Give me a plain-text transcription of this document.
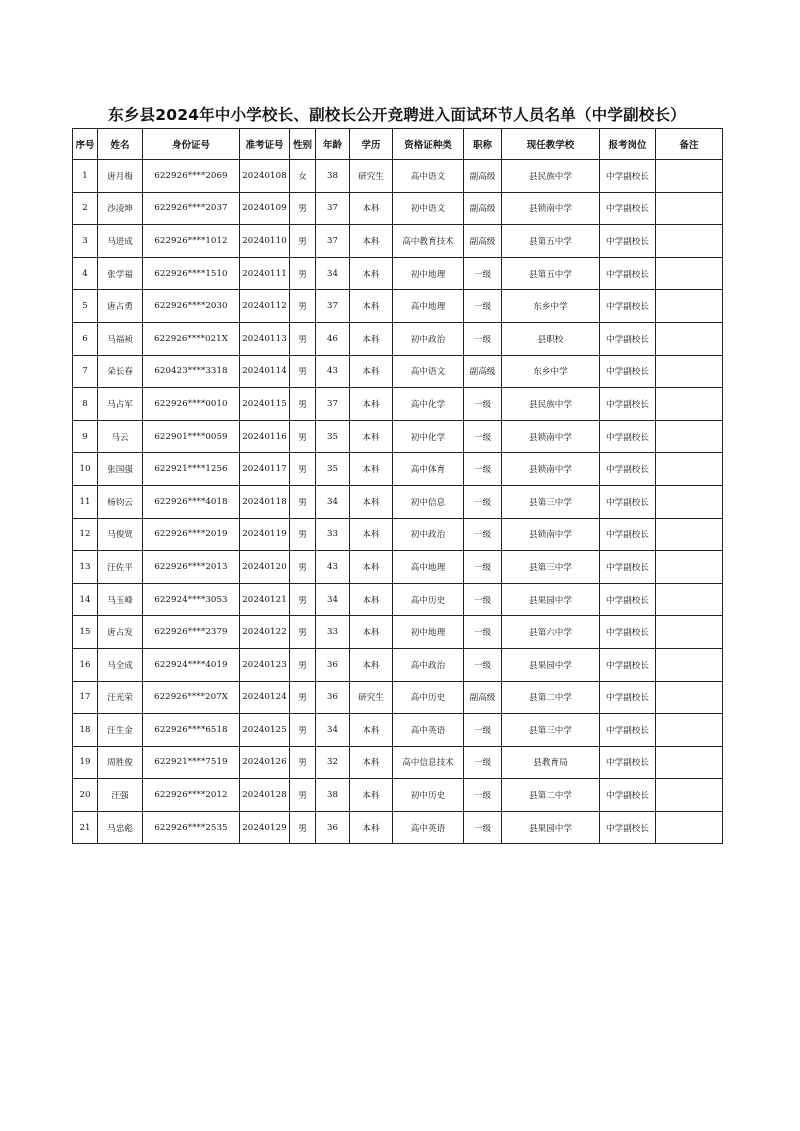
东乡县2024年中小学校长、副校长公开竞聘进入面试环节人员名单（中学副校长）
序号	姓名	身份证号	准考证号	性别	年龄	学历	资格证种类	职称	现任教学校	报考岗位	备注
1	唐月梅	622926****2069	20240108	女	38	研究生	高中语文	副高级	县民族中学	中学副校长	
2	沙凌坤	622926****2037	20240109	男	37	本科	初中语文	副高级	县锁南中学	中学副校长	
3	马进成	622926****1012	20240110	男	37	本科	高中教育技术	副高级	县第五中学	中学副校长	
4	张学福	622926****1510	20240111	男	34	本科	初中地理	一级	县第五中学	中学副校长	
5	唐占勇	622926****2030	20240112	男	37	本科	高中地理	一级	东乡中学	中学副校长	
6	马福祯	622926****021X	20240113	男	46	本科	初中政治	一级	县职校	中学副校长	
7	朵长春	620423****3318	20240114	男	43	本科	高中语文	副高级	东乡中学	中学副校长	
8	马占军	622926****0010	20240115	男	37	本科	高中化学	一级	县民族中学	中学副校长	
9	马云	622901****0059	20240116	男	35	本科	初中化学	一级	县锁南中学	中学副校长	
10	张国强	622921****1256	20240117	男	35	本科	高中体育	一级	县锁南中学	中学副校长	
11	杨钧云	622926****4018	20240118	男	34	本科	初中信息	一级	县第三中学	中学副校长	
12	马俊贤	622926****2019	20240119	男	33	本科	初中政治	一级	县锁南中学	中学副校长	
13	汪佐平	622926****2013	20240120	男	43	本科	高中地理	一级	县第三中学	中学副校长	
14	马玉峰	622924****3053	20240121	男	34	本科	高中历史	一级	县果园中学	中学副校长	
15	唐占发	622926****2379	20240122	男	33	本科	初中地理	一级	县第六中学	中学副校长	
16	马全成	622924****4019	20240123	男	36	本科	高中政治	一级	县果园中学	中学副校长	
17	汪光荣	622926****207X	20240124	男	36	研究生	高中历史	副高级	县第二中学	中学副校长	
18	汪生金	622926****6518	20240125	男	34	本科	高中英语	一级	县第三中学	中学副校长	
19	周胜俊	622921****7519	20240126	男	32	本科	高中信息技术	一级	县教育局	中学副校长	
20	汪强	622926****2012	20240128	男	38	本科	初中历史	一级	县第二中学	中学副校长	
21	马忠彪	622926****2535	20240129	男	36	本科	高中英语	一级	县果园中学	中学副校长	
